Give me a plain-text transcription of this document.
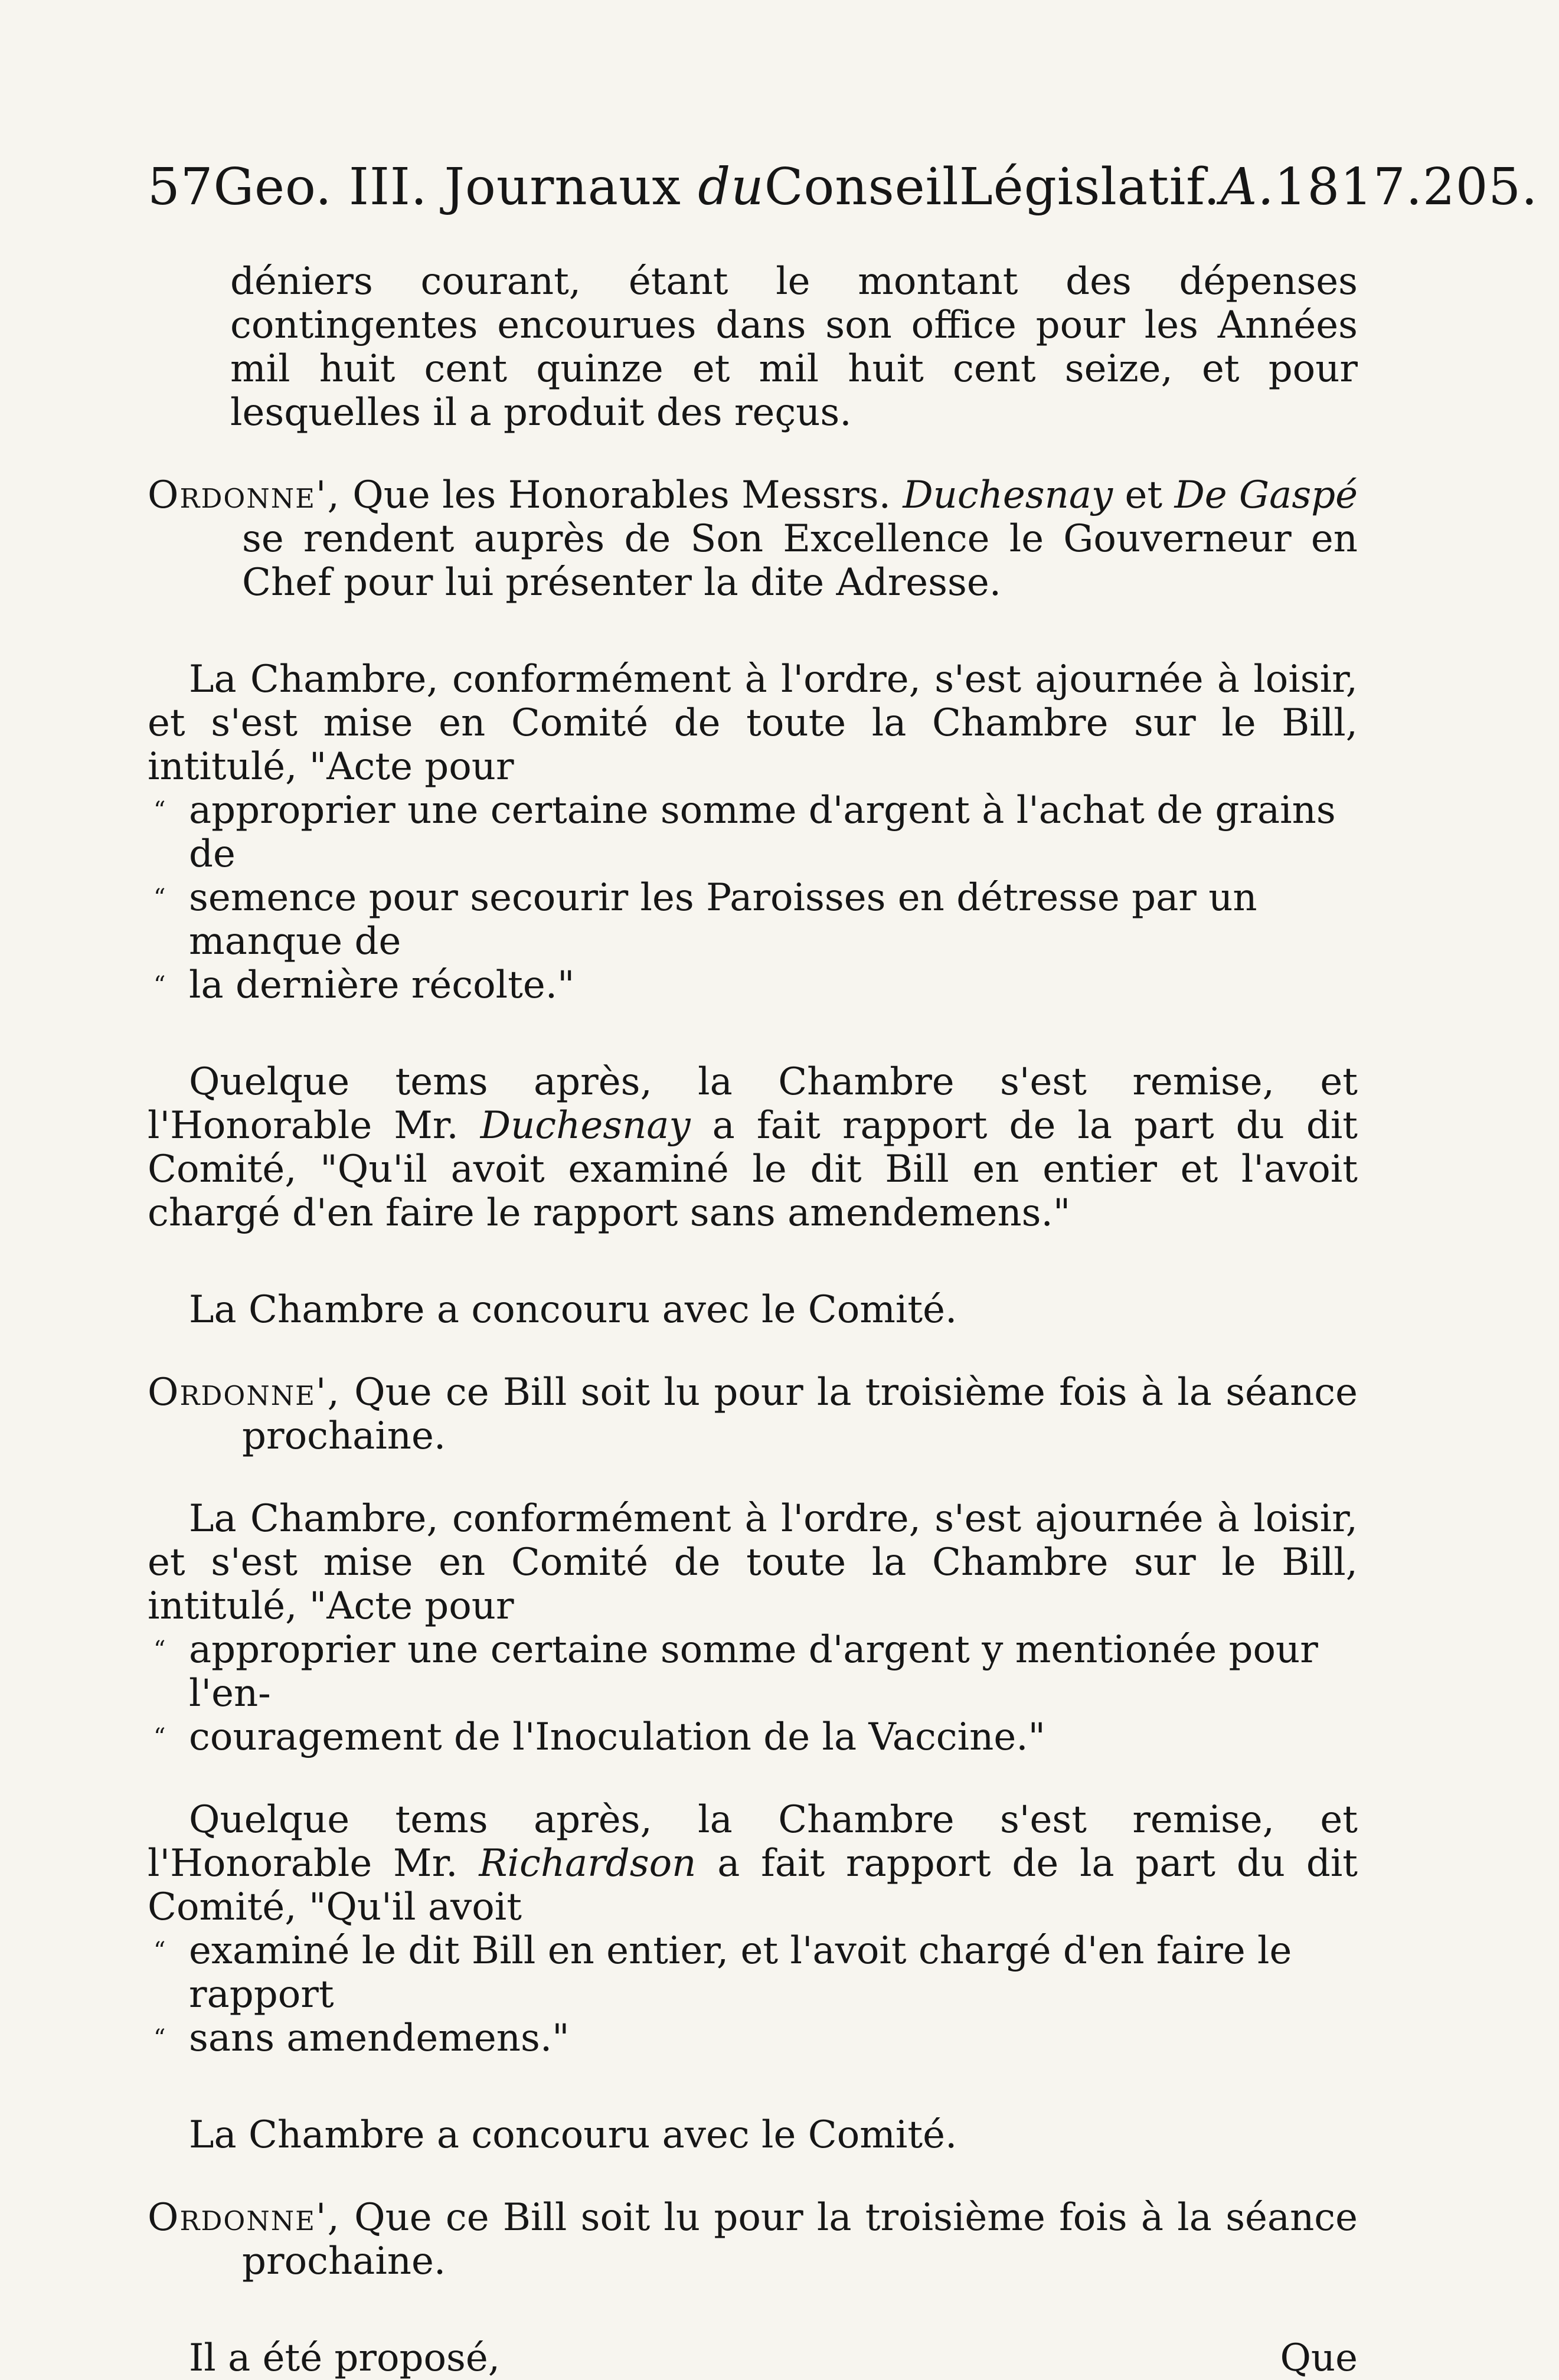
57Geo. III. Journaux duConseilLégislatif.A.1817.205.

déniers courant, étant le montant des dépenses contingentes encourues dans son office pour les Années mil huit cent quinze et mil huit cent seize, et pour lesquelles il a produit des reçus.

Ordonne', Que les Honorables Messrs. Duchesnay et De Gaspé se rendent auprès de Son Excellence le Gouverneur en Chef pour lui présenter la dite Adresse.

La Chambre, conformément à l'ordre, s'est ajournée à loisir, et s'est mise en Comité de toute la Chambre sur le Bill, intitulé, "Acte pour

“ approprier une certaine somme d'argent à l'achat de grains de
“ semence pour secourir les Paroisses en détresse par un manque de
“ la dernière récolte."

Quelque tems après, la Chambre s'est remise, et l'Honorable Mr. Duchesnay a fait rapport de la part du dit Comité, "Qu'il avoit examiné le dit Bill en entier et l'avoit chargé d'en faire le rapport sans amendemens."

La Chambre a concouru avec le Comité.

Ordonne', Que ce Bill soit lu pour la troisième fois à la séance prochaine.

La Chambre, conformément à l'ordre, s'est ajournée à loisir, et s'est mise en Comité de toute la Chambre sur le Bill, intitulé, "Acte pour

“ approprier une certaine somme d'argent y mentionée pour l'en-
“ couragement de l'Inoculation de la Vaccine."

Quelque tems après, la Chambre s'est remise, et l'Honorable Mr. Richardson a fait rapport de la part du dit Comité, "Qu'il avoit

“ examiné le dit Bill en entier, et l'avoit chargé d'en faire le rapport
“ sans amendemens."

La Chambre a concouru avec le Comité.

Ordonne', Que ce Bill soit lu pour la troisième fois à la séance prochaine.

Il a été proposé,	Que
